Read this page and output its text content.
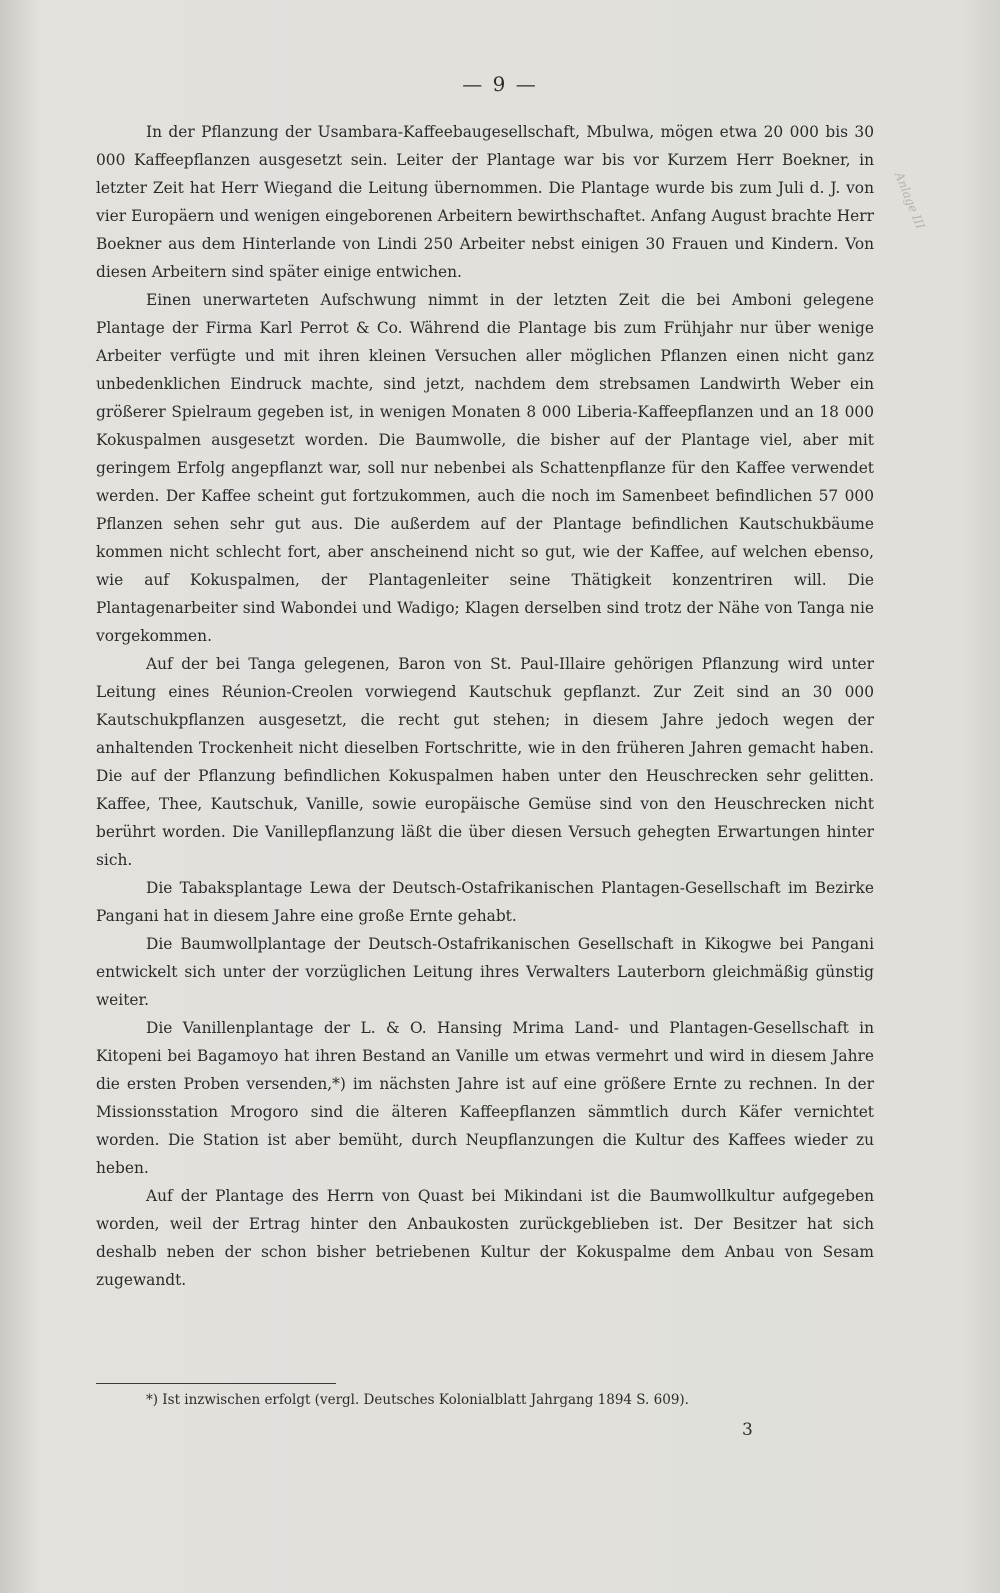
Anlage III
— 9 —

In der Pflanzung der Usambara-Kaffeebaugesellschaft, Mbulwa, mögen etwa 20 000 bis 30 000 Kaffeepflanzen ausgesetzt sein. Leiter der Plantage war bis vor Kurzem Herr Boekner, in letzter Zeit hat Herr Wiegand die Leitung übernommen. Die Plantage wurde bis zum Juli d. J. von vier Europäern und wenigen eingeborenen Arbeitern bewirthschaftet. Anfang August brachte Herr Boekner aus dem Hinterlande von Lindi 250 Arbeiter nebst einigen 30 Frauen und Kindern. Von diesen Arbeitern sind später einige entwichen.

Einen unerwarteten Aufschwung nimmt in der letzten Zeit die bei Amboni gelegene Plantage der Firma Karl Perrot & Co. Während die Plantage bis zum Frühjahr nur über wenige Arbeiter verfügte und mit ihren kleinen Versuchen aller möglichen Pflanzen einen nicht ganz unbedenklichen Eindruck machte, sind jetzt, nachdem dem strebsamen Landwirth Weber ein größerer Spielraum gegeben ist, in wenigen Monaten 8 000 Liberia-Kaffeepflanzen und an 18 000 Kokuspalmen ausgesetzt worden. Die Baumwolle, die bisher auf der Plantage viel, aber mit geringem Erfolg angepflanzt war, soll nur nebenbei als Schattenpflanze für den Kaffee verwendet werden. Der Kaffee scheint gut fortzukommen, auch die noch im Samenbeet befindlichen 57 000 Pflanzen sehen sehr gut aus. Die außerdem auf der Plantage befindlichen Kautschukbäume kommen nicht schlecht fort, aber anscheinend nicht so gut, wie der Kaffee, auf welchen ebenso, wie auf Kokuspalmen, der Plantagenleiter seine Thätigkeit konzentriren will. Die Plantagenarbeiter sind Wabondei und Wadigo; Klagen derselben sind trotz der Nähe von Tanga nie vorgekommen.

Auf der bei Tanga gelegenen, Baron von St. Paul-Illaire gehörigen Pflanzung wird unter Leitung eines Réunion-Creolen vorwiegend Kautschuk gepflanzt. Zur Zeit sind an 30 000 Kautschukpflanzen ausgesetzt, die recht gut stehen; in diesem Jahre jedoch wegen der anhaltenden Trockenheit nicht dieselben Fortschritte, wie in den früheren Jahren gemacht haben. Die auf der Pflanzung befindlichen Kokuspalmen haben unter den Heuschrecken sehr gelitten. Kaffee, Thee, Kautschuk, Vanille, sowie europäische Gemüse sind von den Heuschrecken nicht berührt worden. Die Vanillepflanzung läßt die über diesen Versuch gehegten Erwartungen hinter sich.

Die Tabaksplantage Lewa der Deutsch-Ostafrikanischen Plantagen-Gesellschaft im Bezirke Pangani hat in diesem Jahre eine große Ernte gehabt.

Die Baumwollplantage der Deutsch-Ostafrikanischen Gesellschaft in Kikogwe bei Pangani entwickelt sich unter der vorzüglichen Leitung ihres Verwalters Lauterborn gleichmäßig günstig weiter.

Die Vanillenplantage der L. & O. Hansing Mrima Land- und Plantagen-Gesellschaft in Kitopeni bei Bagamoyo hat ihren Bestand an Vanille um etwas vermehrt und wird in diesem Jahre die ersten Proben versenden,*) im nächsten Jahre ist auf eine größere Ernte zu rechnen. In der Missionsstation Mrogoro sind die älteren Kaffeepflanzen sämmtlich durch Käfer vernichtet worden. Die Station ist aber bemüht, durch Neupflanzungen die Kultur des Kaffees wieder zu heben.

Auf der Plantage des Herrn von Quast bei Mikindani ist die Baumwollkultur aufgegeben worden, weil der Ertrag hinter den Anbaukosten zurückgeblieben ist. Der Besitzer hat sich deshalb neben der schon bisher betriebenen Kultur der Kokuspalme dem Anbau von Sesam zugewandt.

*) Ist inzwischen erfolgt (vergl. Deutsches Kolonialblatt Jahrgang 1894 S. 609).
3
